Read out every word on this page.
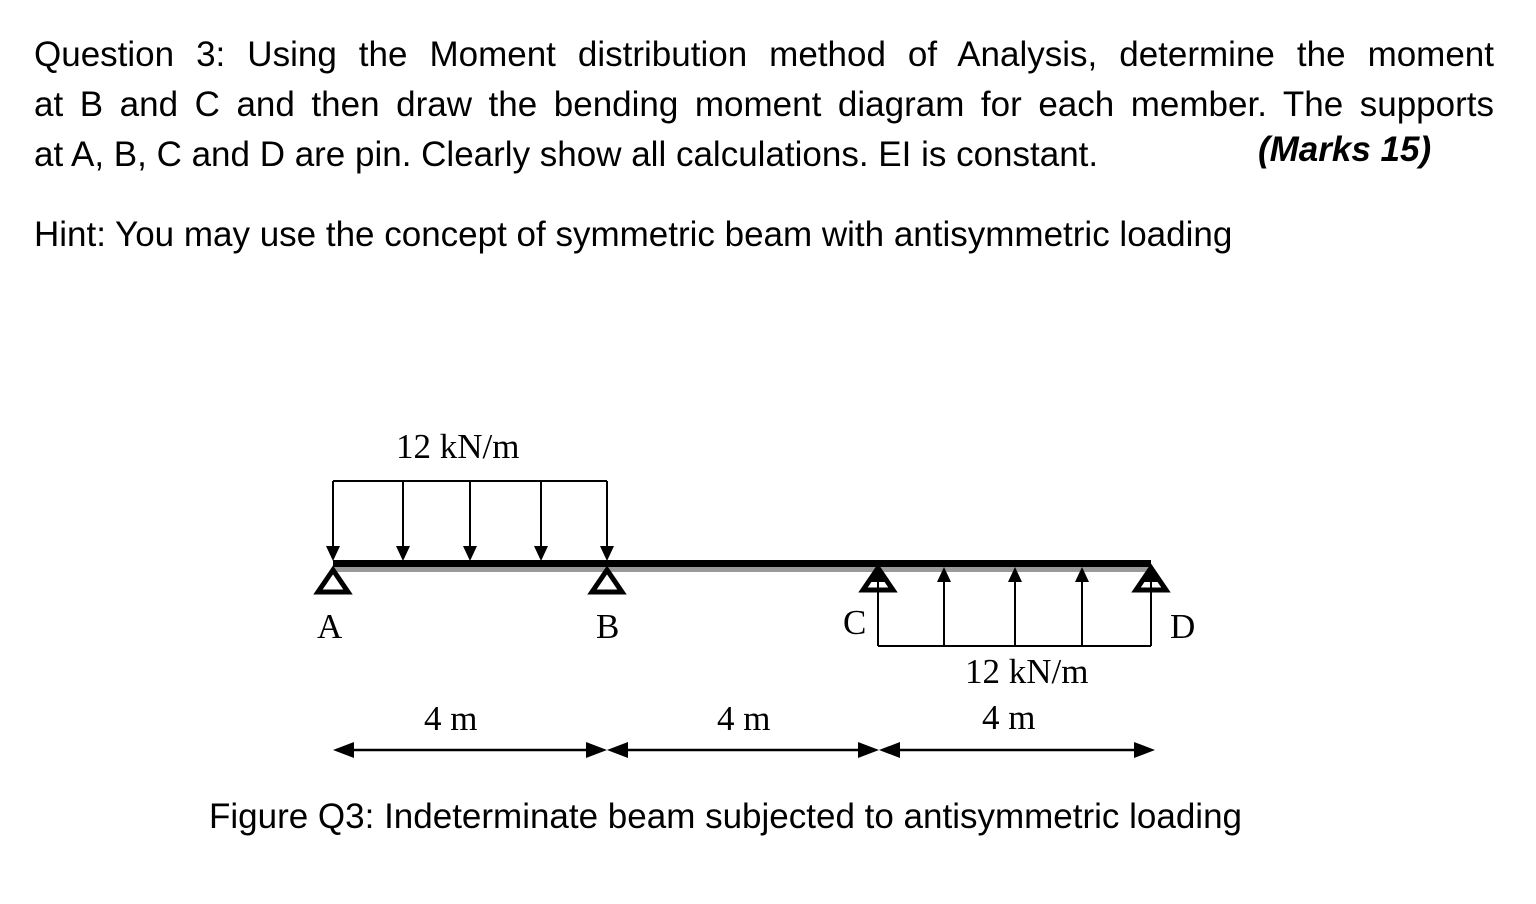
Question 3: Using the Moment distribution method of Analysis, determine the moment
at B and C and then draw the bending moment diagram for each member. The supports
at A, B, C and D are pin. Clearly show all calculations. EI is constant.	(Marks 15)
Hint: You may use the concept of symmetric beam with antisymmetric loading
12 kN/m
12 kN/m
A	B	C	D
4 m	4 m	4 m
Figure Q3: Indeterminate beam subjected to antisymmetric loading
